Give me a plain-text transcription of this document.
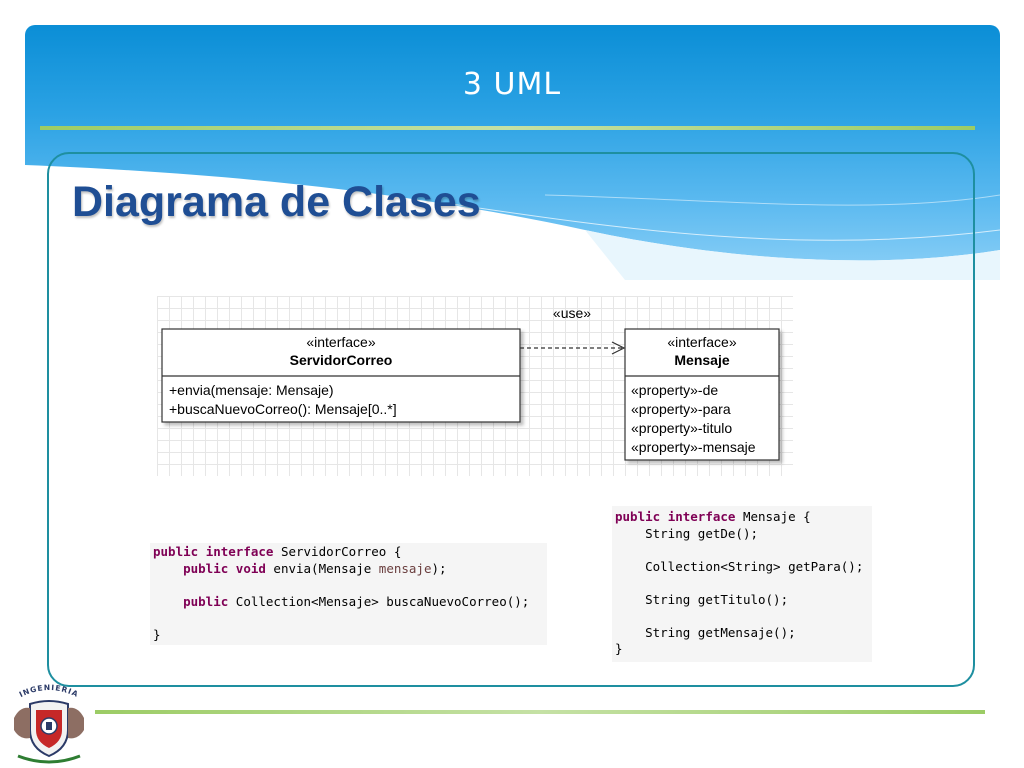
3 UML
Diagrama de Clases
«interface»
ServidorCorreo
+envia(mensaje: Mensaje)
+buscaNuevoCorreo(): Mensaje[0..*]
«use»
«interface»
Mensaje
«property»-de
«property»-para
«property»-titulo
«property»-mensaje
public interface ServidorCorreo {
public void envia(Mensaje mensaje);

public Collection<Mensaje> buscaNuevoCorreo();

}
public interface Mensaje {
String getDe();

Collection<String> getPara();

String getTitulo();

String getMensaje();
}
INGENIERIA
